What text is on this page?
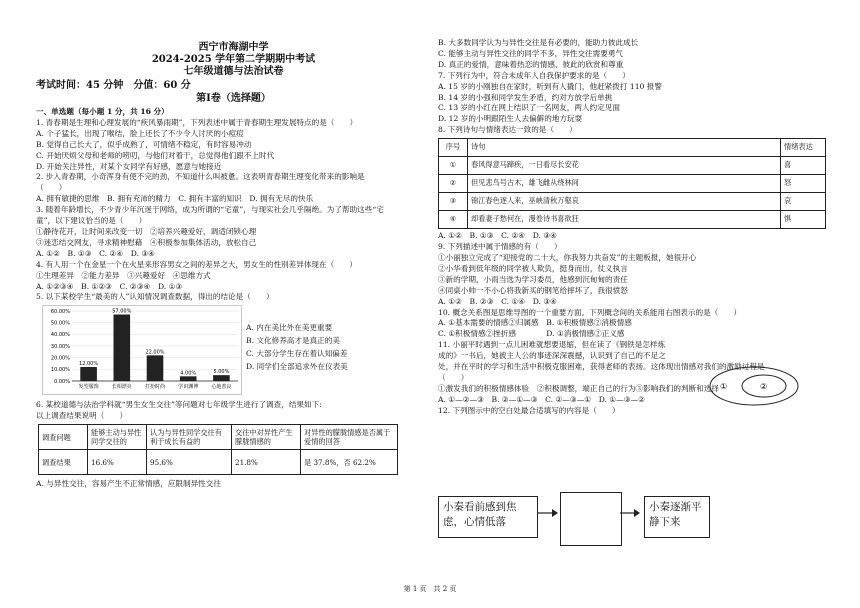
西宁市海湖中学
2024-2025 学年第二学期期中考试
七年级道德与法治试卷
考试时间：45 分钟　分值：60 分
第Ⅰ卷（选择题）
一、单选题（每小题 1 分，共 16 分）
1. 青春期是生理和心理发展的“疾风暴雨期”，下列表述中属于青春期生理发展特点的是（　　）
A. 个子猛长，出现了喉结，脸上还长了不少令人讨厌的小痘痘
B. 觉得自己长大了，似乎成熟了，可情绪不稳定，有时容易冲动
C. 开始厌烦父母和老师的唠叨，与他们对着干，总觉得他们跟不上时代
D. 开始关注异性，对某个女同学有好感，愿意与她接近
2. 步入青春期，小奇浑身有使不完的劲，不知道什么叫被惫。这表明青春期生理变化带来的影响是
（　　）
A. 拥有敏捷的思维　B. 拥有充沛的精力　C. 拥有丰富的知识　D. 拥有无尽的快乐
3. 随着年龄增长，不少青少年沉迷于网络，成为所谓的“宅童”，与现实社会几乎隔绝。为了帮助这些“宅
童”，以下建议恰当的是（　　）
①静待花开，让时间来改变一切　②培养兴趣爱好，调适闭锁心理
③迷恋结交网友，寻求精神慰藉　④积极参加集体活动，放松自己
A. ①②　B. ①③　C. ②④　D. ③④
4. 有人用一个在金星一个在火星来形容男女之间的差异之大，男女生的性别差异体现在（　　）
①生理差异　②能力差异　③兴趣爱好　④思维方式
A. ①②③④　B. ①②③　C. ②③④　D. ①③
5. 以下某校学生“最美的人”认知情况调查数据，得出的结论是（　　）
60.00%
50.00%
40.00%
30.00%
20.00%
10.00%
0.00%
12.00%
发型服饰
57.00%
长相漂亮
22.00%
打扮时尚
4.00%
学识渊博
5.00%
心地善良
A. 内在美比外在美更重要
B. 文化修养高才是真正的美
C. 大部分学生存在着认知偏差
D. 同学们全部追求外在仪表美
6. 某校道德与法治学科就“男生女生交往”等问题对七年级学生进行了调查，结果如下:
以上调查结果说明（　　）
调查问题	能够主动与异性同学交往的	认为与异性同学交往有利于成长有益的	交往中对异性产生朦胧情感的	对异性的朦胧情感是否属于爱情的回答
调查结果	16.6%	95.6%	21.8%	是 37.8%，否 62.2%
A. 与异性交往，容易产生不正常情感，应限制异性交往
B. 大多数同学认为与异性交往是有必要的，能助力彼此成长
C. 能够主动与异性交往的同学不多，异性交往需要勇气
D. 真正的爱情，意味着热恋的情感、彼此的欣赏和尊重
7. 下列行为中，符合未成年人自我保护要求的是（　　）
A. 15 岁的小刚独自在家时，听到有人撬门，他赶紧拨打 110 报警
B. 14 岁的小强和同学发生矛盾，约对方放学后单挑
C. 13 岁的小红在网上结识了一名网友，两人约定见面
D. 12 岁的小明跟陌生人去偏僻的地方玩耍
8. 下列诗句与情绪表达一致的是（　　）
序号	诗句	情绪表达
①	春风得意马蹄疾，一日看尽长安花	喜
②	但见悲鸟号古木，雄飞雌从绕林间	怒
③	锦江春色逐人来，巫峡清秋万壑哀	哀
④	却看妻子愁何在，漫卷诗书喜欲狂	惧
A. ①②　B. ①③　C. ②④　D. ③④
9. 下列描述中属于情感的有（　　）
①小丽独立完成了“迎接党的二十大，你我努力共奋发”的主题板报，她很开心
②小华看到低年级的同学被人欺负，挺身而出，仗义执言
③新的学期，小雨当选为学习委员，他感到沉甸甸的责任
④同桌小帅一不小心将我新买的钢笔给摔坏了，我很愤怒
A. ①②　B. ②③　C. ①④　D. ③④
10. 概念关系图是思维导图的一个重要方面。下列概念间的关系能用右图表示的是（　　）
A. ①基本需要的情感②归属感　B. ①积极情感②消极情感
C. ①积极情感②挫折感　　　　D. ①消极情感②正义感
11. 小丽平时遇到一点儿困难就想要退缩，但在读了《钢铁是怎样炼
成的》一书后，她被主人公的事迹深深震撼，认识到了自己的不足之
处，并在平时的学习和生活中积极克服困难，获得老师的表扬。这体现出情感对我们的激励过程是
（　　）
①激发我们的积极情感体验　②积极调整，端正自己的行为③影响我们的判断和选择
A. ①—②—③　B. ②—①—③　C. ②—③—①　D. ①—③—②
12. 下列图示中的空白处最合适填写的内容是（　　）
①	②
小秦看前感到焦虑，心情低落
小秦逐渐平静下来
第 1 页　共 2 页
